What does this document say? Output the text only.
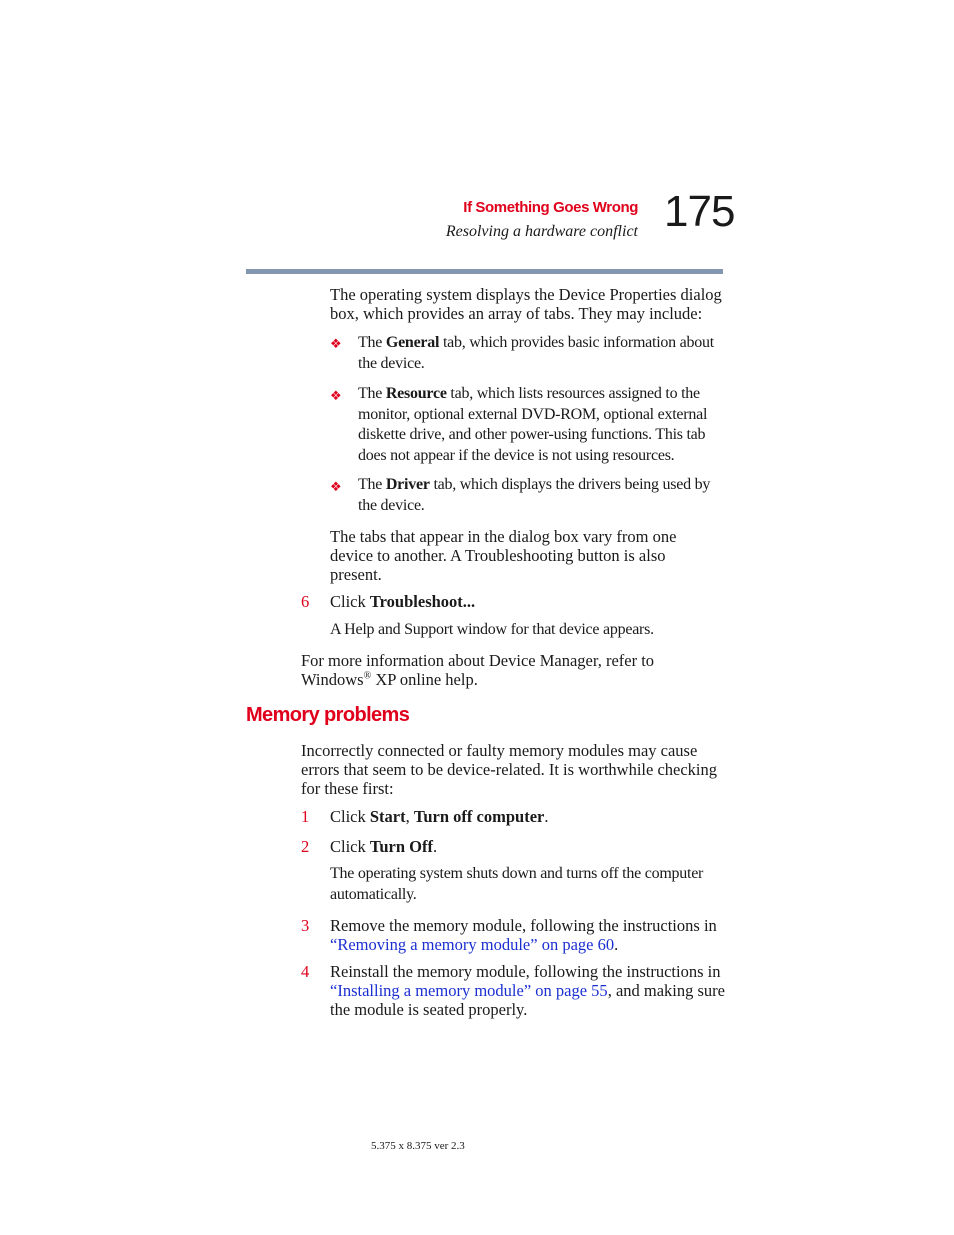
If Something Goes Wrong
Resolving a hardware conflict 175

The operating system displays the Device Properties dialog box, which provides an array of tabs. They may include:

❖ The General tab, which provides basic information about the device.

❖ The Resource tab, which lists resources assigned to the monitor, optional external DVD-ROM, optional external diskette drive, and other power-using functions. This tab does not appear if the device is not using resources.

❖ The Driver tab, which displays the drivers being used by the device.

The tabs that appear in the dialog box vary from one device to another. A Troubleshooting button is also present.

6 Click Troubleshoot...

A Help and Support window for that device appears.

For more information about Device Manager, refer to Windows® XP online help.

Memory problems

Incorrectly connected or faulty memory modules may cause errors that seem to be device-related. It is worthwhile checking for these first:

1 Click Start, Turn off computer.

2 Click Turn Off.

The operating system shuts down and turns off the computer automatically.

3 Remove the memory module, following the instructions in “Removing a memory module” on page 60.

4 Reinstall the memory module, following the instructions in “Installing a memory module” on page 55, and making sure the module is seated properly.

5.375 x 8.375 ver 2.3
